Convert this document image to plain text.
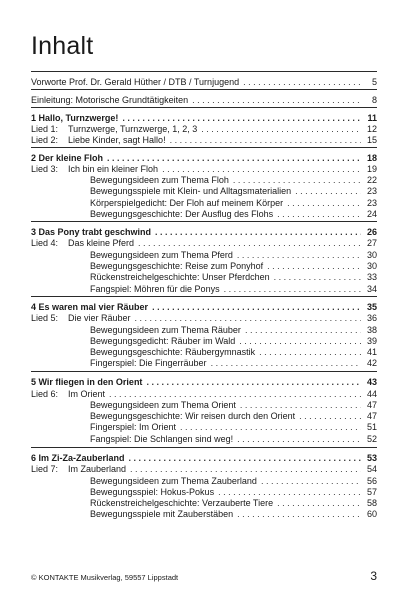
Inhalt
Vorworte Prof. Dr. Gerald Hüther / DTB / Turnjugend . . .	5
Einleitung: Motorische Grundtätigkeiten . . .	8
1 Hallo, Turnzwerge! . . .	11
Lied 1: Turnzwerge, Turnzwerge, 1, 2, 3 . . .	12
Lied 2: Liebe Kinder, sagt Hallo! . . .	15
2 Der kleine Floh . . .	18
Lied 3: Ich bin ein kleiner Floh . . .	19
Bewegungsideen zum Thema Floh . . .	22
Bewegungsspiele mit Klein- und Alltagsmaterialien . . .	23
Körperspielgedicht: Der Floh auf meinem Körper . . .	23
Bewegungsgeschichte: Der Ausflug des Flohs . . .	24
3 Das Pony trabt geschwind . . .	26
Lied 4: Das kleine Pferd . . .	27
Bewegungsideen zum Thema Pferd . . .	30
Bewegungsgeschichte: Reise zum Ponyhof . . .	30
Rückenstreichelgeschichte: Unser Pferdchen . . .	33
Fangspiel: Möhren für die Ponys . . .	34
4 Es waren mal vier Räuber . . .	35
Lied 5: Die vier Räuber . . .	36
Bewegungsideen zum Thema Räuber . . .	38
Bewegungsgedicht: Räuber im Wald . . .	39
Bewegungsgeschichte: Räubergymnastik . . .	41
Fingerspiel: Die Fingerräuber . . .	42
5 Wir fliegen in den Orient . . .	43
Lied 6: Im Orient . . .	44
Bewegungsideen zum Thema Orient . . .	47
Bewegungsgeschichte: Wir reisen durch den Orient . . .	47
Fingerspiel: Im Orient . . .	51
Fangspiel: Die Schlangen sind weg! . . .	52
6 Im Zi-Za-Zauberland . . .	53
Lied 7: Im Zauberland . . .	54
Bewegungsideen zum Thema Zauberland . . .	56
Bewegungsspiel: Hokus-Pokus . . .	57
Rückenstreichelgeschichte: Verzauberte Tiere . . .	58
Bewegungsspiele mit Zauberstäben . . .	60
© KONTAKTE Musikverlag, 59557 Lippstadt	3
